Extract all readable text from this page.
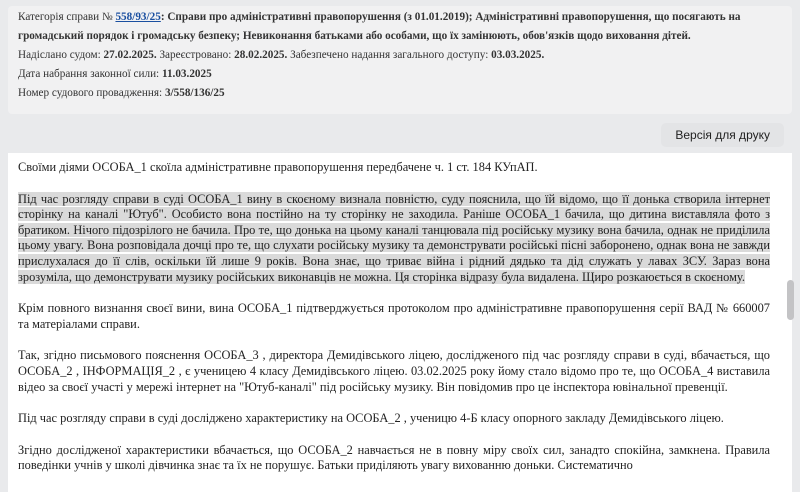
Категорія справи № 558/93/25: Справи про адміністративні правопорушення (з 01.01.2019); Адміністративні правопорушення, що посягають на громадський порядок і громадську безпеку; Невиконання батьками або особами, що їх замінюють, обов'язків щодо виховання дітей.
Надіслано судом: 27.02.2025. Зареєстровано: 28.02.2025. Забезпечено надання загального доступу: 03.03.2025.
Дата набрання законної сили: 11.03.2025
Номер судового провадження: 3/558/136/25
Версія для друку

Своїми діями ОСОБА_1 скоїла адміністративне правопорушення передбачене ч. 1 ст. 184 КУпАП.

Під час розгляду справи в суді ОСОБА_1 вину в скоєному визнала повністю, суду пояснила, що їй відомо, що її донька створила інтернет сторінку на каналі "Ютуб". Особисто вона постійно на ту сторінку не заходила. Раніше ОСОБА_1 бачила, що дитина виставляла фото з братиком. Нічого підозрілого не бачила. Про те, що донька на цьому каналі танцювала під російську музику вона бачила, однак не приділила цьому увагу. Вона розповідала дочці про те, що слухати російську музику та демонструвати російські пісні заборонено, однак вона не завжди прислухалася до її слів, оскільки їй лише 9 років. Вона знає, що триває війна і рідний дядько та дід служать у лавах ЗСУ. Зараз вона зрозуміла, що демонструвати музику російських виконавців не можна. Ця сторінка відразу була видалена. Щиро розкаюється в скоєному.

Крім повного визнання своєї вини, вина ОСОБА_1 підтверджується протоколом про адміністративне правопорушення серії ВАД № 660007 та матеріалами справи.

Так, згідно письмового пояснення ОСОБА_3 , директора Демидівського ліцею, дослідженого під час розгляду справи в суді, вбачається, що ОСОБА_2 , ІНФОРМАЦІЯ_2 , є ученицею 4 класу Демидівського ліцею. 03.02.2025 року йому стало відомо про те, що ОСОБА_4 виставила відео за своєї участі у мережі інтернет на "Ютуб-каналі" під російську музику. Він повідомив про це інспектора ювінальної превенції.

Під час розгляду справи в суді досліджено характеристику на ОСОБА_2 , ученицю 4-Б класу опорного закладу Демидівського ліцею.

Згідно дослідженої характеристики вбачається, що ОСОБА_2 навчається не в повну міру своїх сил, занадто спокійна, замкнена. Правила поведінки учнів у школі дівчинка знає та їх не порушує. Батьки приділяють увагу вихованню доньки. Систематично
